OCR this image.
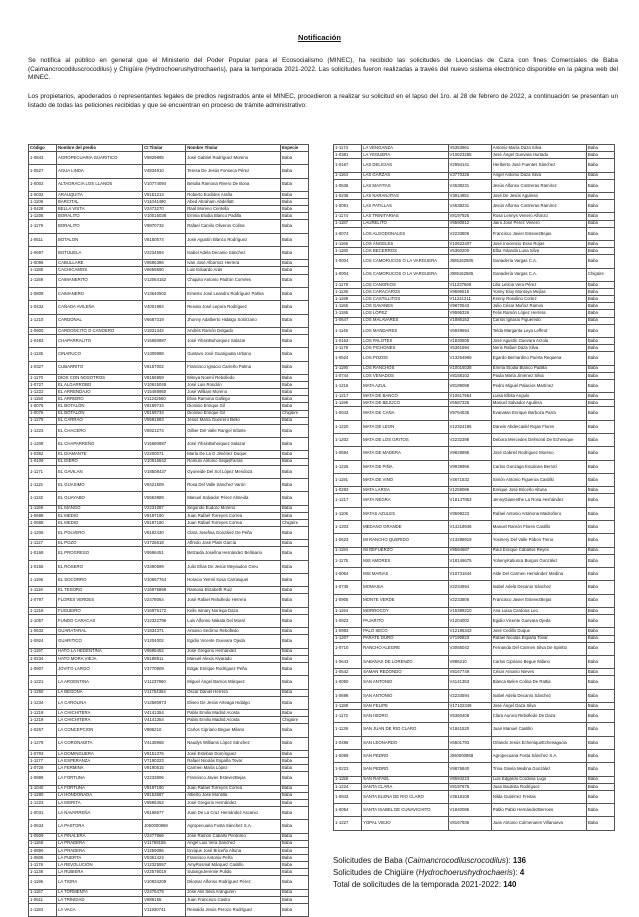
Notificación
Se notifica al público en general que el Ministerio del Poder Popular para el Ecosocialismo (MINEC), ha recibido las solicitudes de Licencias de Caza con fines Comerciales de Baba (Caimancrocodiluscrocodilus) y Chigüire (Hydrochoerushydrochaeris), para la temporada 2021-2022. Las solicitudes fueron realizadas a través del nuevo sistema electrónico disponible en la página web del MINEC.
Los propietarios, apoderados o representantes legales de predios registrados ante el MINEC, procedieron a realizar su solicitud en el lapso del 1ro. al 28 de febrero de 2022, a continuación se presentan un listado de todas las peticiones recibidas y que se encuentran en proceso de trámite administrativo:
Código	Nombre del predio	CI Titular	Nombre Titular	Especie
1-0843	AGROPECUARIA GUARITICO	V9829895	José Gabriel Rodríguez Moreno	Baba
1-0527	AGUA LINDA	V4834910	Teresa De Jesús Fonseca Pérez	Baba
1-0002	ALTAGRACIA LOS LLANOS	V10774094	Betulia Ramona Rivero De Bona	Baba
1-0032	ARAUQUITA	V8151213	Roberto Euclides Araña	Baba
1-1109	BARCITAL	V11044490	Abed Abraham Abdelfatt	Baba
1-0428	BELLA VISTA	V2473270	Raúl Moreno Centella	Baba
1-1205	BORALITO	V10016038	Emma Elodia Blanco Padilla	Baba
1-1179	BORALITO	V9870732	Rafael Camilo Oliveros Colina	Baba
1-0511	BOTALON	V8150674	José Agustín Blanco Rodríguez	Baba
1-0697	BOTIJUELA	V2234594	Isabel Adela Decanio Sánchez	Baba
1-0095	CABULLARE	V9596386	Ivan José Albornoz Herrera	Baba
1-1185	CACHICAMOS	V6659590	Luis Eduardo Arás	Baba
1-1169	CAIMANERITO	V12064152	Chiquito Antonio Padrón Correles	Baba
1-0808	CAIMANERO	V13640502	Ernesto José Leandro Rodríguez Palma	Baba
1-0432	CAÑADA AVILEÑA	V4001984	Renato José Lepora Rodríguez	Baba
1-1210	CARDONAL	V6687319	Jhonny Adalberto Hidalgo Solórzano	Baba
1-0900	CARDONCITO O CANOERO	V1831342	Andrés Ramón Delgado	Baba
1-0483	CHAPARRALITO	V15680887	José YihsinBohorquez Salazar	Baba
1-1135	CINARUCO	V1309988	Gustavo José Guariguata Urbano	Baba
1-0327	CUBARRITO	V8157002	Francisco Ignacio Carreño Palma	Baba
1-1170	DIOS CON NOSOTROS	V8156959	Mireya Noemí Rebolledo	Baba
1-0727	EL ALGARROBO	V10615049	José Luis Rondón	Baba
1-1222	EL ARRENDAJO	V15488950	José William Moreno	Baba
1-1150	EL ARRIERO	V11242560	Elvia Ramona Gallego	Baba
1-0076	EL BOTALÓN	V8159734	Dionisio Enrique Gil	Baba
1-0076	EL BOTALON	V8159734	Dionisio Enrique Gil	Chigüire
1-1279	EL CARRAO	V5591583	Jesús María Guerrero Bello	Baba
1-1223	EL CHACERO	V5921274	Gilber Del Valle Rangel Infante	Baba
1-1208	EL CHAPARREÑO	V15680887	José YihsinBohorquez Salazar	Baba
1-0362	EL DIAMANTE	V2200071	María De La O Jiménez Duque	Baba
1-0109	EL DIERO	V10616642	Rómulo Antonio SeijasFarías	Baba
1-1171	EL GAVILAN	V18508437	Gyoneide Del Sol López Mendoza	Baba
1-1115	EL GUASIMO	V8421509	Rosa Del Valle Sánchez Varón	Baba
1-1132	EL GUAYABO	V5563889	Manuel Salvador Pérez Almeida	Baba
1-1169	EL MANGO	V2231087	Segundo Eudoro Moreno	Baba
1-0688	EL MEDIO	V8197190	Juan Rafael Torreyes Correa	Baba
1-0688	EL MEDIO	V8197190	Juan Rafael Torreyes Correa	Chigüire
1-1206	EL POLVERO	V8192430	Clara Josefina González De Peña	Baba
1-1127	EL POZO	V3728618	Alfredo José Platri García	Baba
1-0169	EL PROGRESO	V9596451	Betzaida Josefina Hernández Bellisario	Baba
1-0155	EL ROSERO	V3390599	Julio Elías De Jesús Meyaudon Greu	Baba
1-1196	EL SOCORRO	V10657764	Horacio Yermil Sosa Carrasquel	Baba
1-1118	EL TESORO	V16975898	Ramona Elizabeth Ruiz	Baba
1-0797	FLORES VERDES	V2478064	José Rafael Rebolledo Herrera	Baba
1-1218	FUGUEIRO	V16976172	Kelis Ismary Noriega Daza	Baba
1-1057	FUNDO CARACAS	V12322796	Luis Alfonso Nakata Del Moral	Baba
1-0632	GUARATARAL	V1834371	Antonio Seclimo Rebolledo	Baba
1-0924	GUARITICO	V1204002	Egidio Vicente Guevara Ojeda	Baba
1-1197	HATO LA HEDENTINA	V9595452	José Gregorio Hernández	Baba
1-0234	HATO MORA VIEJA	V8189811	Manuel Alexis Alvarado	Baba
1-0907	JOVITO LARGO	V3770909	Edgar Enrique Rodríguez Peña	Baba
1-1221	LA ARGENTINA	V11237860	Miguel Ángel Barrios Márquez	Baba
1-1260	LA BEGOÑA	V11754364	Oscar Daniel Herrera	Baba
1-1234	LA CAROLINA	V12580973	Eliseo De Jesús Arteaga Hidalgo	Baba
1-1219	LA CHICHITERA	V4141354	Pablo Emilio Madrid Acosta	Baba
1-1219	LA CHICHITERA	V4141354	Pablo Emilio Madrid Acosta	Chigüire
1-0267	LA CONCEPCION	V886210	Carlos Cipriano Begue Milano	Baba
1-1279	LA CORONADITA	V4138968	Naudys Williams López Sánchez	Baba
1-0793	LA DOMINGUERA	V8151376	José Esteban Domínguez	Baba
1-1177	LA ESPERANZA	V7190323	Rafael Nicolás España Tovar	Baba
1-0729	LA FERMINA	V8190515	Carmen María López	Baba
1-0899	LA FORTUNA	V2233806	Francisco Javier EstevezBejas	Baba
1-1040	LA FORTUNA	V8197190	Juan Rafael Torreyes Correa	Baba
1-1280	LA HONDONADA	V8153587	Alberto José Montilla	Baba
1-1223	LA MORITA	V9595452	José Gregorio Hernández	Baba
1-0031	LA NAVARREÑA	V8168677	Juan De La Cruz Hernández Ascanio	Baba
1-0634	LA PASTORA	J060000868	Agropecuaria Fosta Sánchez S.A.	Baba
1-0509	LA PIÑALERA	V2477866	José Ramón Caballo Perdomo	Baba
1-1168	LA PRADERA	V11769155	Ángel Luis Vera Sánchez	Baba
1-0890	LA PRADERA	V1259086	Enrique José Briceño Altuna	Baba
1-0505	LA PUERTA	V5361424	Francisco Antonio Peña	Baba
1-1176	LA REVOLUCIÓN	V12325557	AmyRosmal Márquez Castillo	Baba
1-1138	LA RUBIERA	V22576019	SulangeJeremie Pulido	Baba
1-1196	LA TIGRA	V10934209	Dilomar Alfonso Rodríguez Pérez	Baba
1-1167	LA TORMENTA	V2476479	José Alis Silva Aranguren	Baba
1-0511	LA TRINIDAD	V886165	Juan Francisco Castro	Baba
1-1184	LA VACA	V11930741	Reinaldo Jesús Perozo Rodríguez	Baba
1-1174	LA VENGANZA	V5353961	Antonio María Daza Silva	Baba
1-0381	LA YEGUERA	V10623265	José Ángel Guevara Hurtado	Baba
1-0167	LAS DELICIAS	V2994141	Heriberto José Fuentes Sánchez	Baba
1-1164	LAS GARZAS	V3770326	Ángel Antonio Daza Silva	Baba
1-0536	LAS MAYITAS	V4538231	Jesús Alfonso Contreras Ramírez	Baba
1-0235	LAS NARANJITAS	V3914851	José De Jesús Aguilera	Baba
1-0091	LAS PATILLAS	V4538231	Jesús Alfonso Contreras Ramírez	Baba
1-1174	LAS TRINITARIAS	V8197925	Rosa Lennys Venero Alfonzo	Baba
1-1187	LAURELITO	V9590812	Jairo José Pérez Venero	Baba
1-0074	LOS ALGODONALES	V2233806	Francisco Javier EstevezBejas	Baba
1-1166	LOS ÁNGELES	V10622407	José Inocencio Esso Rojas	Baba
1-1180	LOS BECERROS	V5360200	Elba Yolanda Luna Silva	Baba
1-0004	LOS CAMORUCOS O LA VARGUERA	J085162585	Ganadería Vargas C.A.	Baba
1-0004	LOS CAMORUCOS O LA VARGUERA	J085162585	Ganadería Vargas C.A.	Chigüire
1-1178	LOS CANGRIOS	V11237569	Lilia Leticia Vera Pérez	Baba
1-1136	LOS CARACAROS	V9596515	Yonny Eloy Montoya Mejías	Baba
1-1199	LOS CASTILLITOS	V11241211	Kenny Rosolino Cortez	Baba
1-1165	LOS GAVANES	V9870543	Julio César Muñoz Ramos	Baba
1-1195	LOS LÓPEZ	V9595326	Felix Ramón López Herrera	Baba
1-0547	LOS MALAVARES	V1886153	Carlos Ignacio Figueredo	Baba
1-1146	LOS MANDARES	V6949694	Telda Margarita Leya Leffeut	Baba
1-0163	LOS PALOTES	V1830506	José Agustín Guevara Arzola	Baba
1-1179	LOS PICHONES	V5361594	Neris Rafael Daza Silva	Baba
1-0524	LOS POZOS	V13254969	Egardo Bernardino Puerta Requena	Baba
1-1190	LOS RANCHOS	V10016038	Emma Elodia Blanco Padilla	Baba
1-0744	LOS VENADOS	V8158102	Paula María Jiménez Silva	Baba
1-1216	MATA AZUL	V8189098	Pedro Miguel Palacios Martínez	Baba
1-1217	MATA DE BANCO	V10617564	Luisa Elbita Angulo	Baba
1-1198	MATA DE BEJUCO	V6587325	Manuel Salvador Aguilera	Baba
1-0043	MATA DE CAÑA	V9764535	Evanatan Enrique Barboza Parra	Baba
1-1220	MATA DE LEON	V12324195	Darwin Abdercadel Rojas Flores	Baba
1-1202	MATA DE LOS GRITOS	V2232398	Debora Mercedes Delmoral De Echenique	Baba
1-0594	MATA DE MADERA	V9828895	José Gabriel Rodríguez Moreno	Baba
1-1226	MATA DE PIÑA	V9939956	Carlos Gonzaga Escalona Berrotí	Baba
1-1191	MATA DE VINO	V4671532	Simón Antonio Figueroa Castillo	Baba
1-0283	MATA LARGA	V1259086	Enrique José Briceño Altuna	Baba
1-1217	MATA NEGRA	V18147853	JennyGianenthe La Rosa Hernández	Baba
1-1106	MATAS AZULES	V9599223	Rafael Antonio Artahona Madroñero	Baba
1-1203	MEDANO GRANDE	V14218946	Manuel Ramón Flores Castillo	Baba
1-0623	MI RANCHO QUERIDO	V13298919	Yosmery Del Valle Pabon Treno	Baba
1-1184	MI REFUERZO	V9594687	Raúl Enrique Caballos Reyes	Baba
1-1175	MIS AMORES	V18146675	YohenyKatiusca Burgos González	Baba
1-0064	MIS MARIAS	V10731644	Alde Del Carmen Hernández Medina	Baba
1-0745	MOMASIA	V2234594	Isabel Adela Decanio Sánchez	Baba
1-0905	MONTE VERDE	V2233806	Francisco Javier EstevezBejas	Baba
1-1194	MORROCOY	V15399210	Ana Luisa Cardona Leo	Baba
1-0923	PAJARITO	V1204002	Egidio Vicente Guevara Ojeda	Baba
1-0983	PALO SECO	V12196343	José Cedillo Duque	Baba
1-1207	PARATE DURO	V7190823	Rafael Nicolás España Tovar	Baba
1-0710	RANCHO ALEGRE	V3065042	Fernanda Del Carmen Silva De Spiritto	Baba
1-0643	SABANAS DE LORENZO	V886210	Carlos Cipriano Begue Milano	Baba
1-0542	SAMAN REDONDO	V8167749	César Antonio Nieves	Baba
1-0050	SAN ANTONIO	V4141353	Blanca Belen Colina De Rattia	Baba
1-0698	SAN ANTONIO	V2234594	Isabel Adela Decanio Sánchez	Baba
1-1188	SAN FELIPE	V17102348	José Ángel Daza Silva	Baba
1-1172	SAN ISIDRO	V5360408	Clara Aurora Rebolledo De Daza	Baba
1-1139	SAN JUAN DE RIO CLARO	V1841520	Juan Manuel Castillo	Baba
1-0486	SAN LEONARDO	V6501793	Orlando Jesús EcheniqueEchenagucia	Baba
1-0059	SAN PEDRO	J060000868	Agropecuaria Fosta Sánchez S.A.	Baba
1-0223	SAN PEDRO	V9876840	Trina Gisela Medina González	Baba
1-1158	SAN RAFAEL	V8694223	Luis Edgardo Cordova Lugo	Baba
1-1224	SANTA CLARA	V8197675	Juan Bautista Rodríguez	Baba
1-0943	SANTA ELENA DE RIO CLARO	V3518108	Nilda Gutiérrez Freitas	Baba
1-0054	SANTA ISABEL DE CUNAVICHITO	V1840086	Pablo Pablo HernándezBerroes	Baba
1-1227	YOPAL VIEJO	V8167936	Juan Antonio Colmenares Villanueva	Baba
Solicitudes de Baba (Caimancrocodiluscrocodilus): 136
Solicitudes de Chigüire (Hydrochoerushydrochaeris): 4
Total de solicitudes de la temporada 2021-2022: 140
